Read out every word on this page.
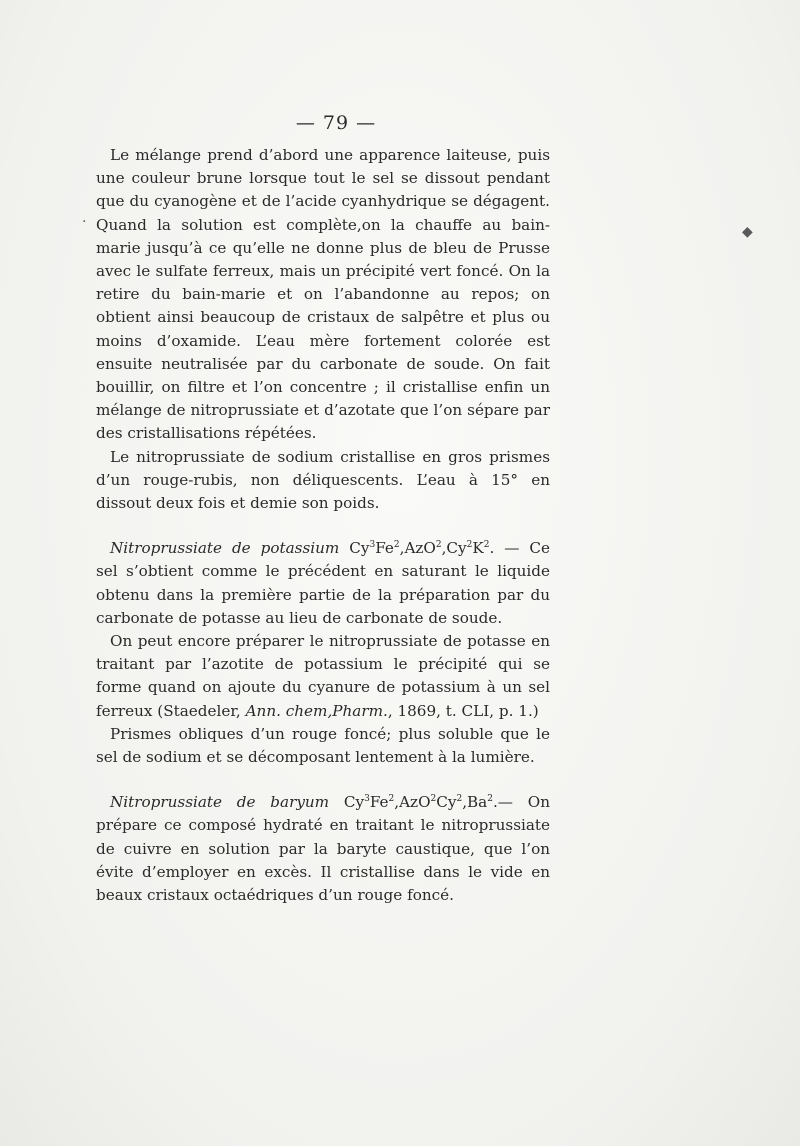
— 79 —
·
◆

Le mélange prend d’abord une apparence laiteuse, puis une couleur brune lorsque tout le sel se dissout pendant que du cyanogène et de l’acide cyanhydrique se dégagent. Quand la solution est complète,on la chauffe au bain-marie jusqu’à ce qu’elle ne donne plus de bleu de Prusse avec le sulfate ferreux, mais un précipité vert foncé. On la retire du bain-marie et on l’abandonne au repos; on obtient ainsi beaucoup de cristaux de salpêtre et plus ou moins d’oxamide. L’eau mère fortement colorée est ensuite neutralisée par du carbonate de soude. On fait bouillir, on filtre et l’on concentre ; il cristallise enfin un mélange de nitroprussiate et d’azotate que l’on sépare par des cristallisations répétées.

Le nitroprussiate de sodium cristallise en gros prismes d’un rouge-rubis, non déliquescents. L’eau à 15° en dissout deux fois et demie son poids.

Nitroprussiate de potassium $Cy^3Fe^2,AzO^2,Cy^2K^2$. — Ce sel s’obtient comme le précédent en saturant le liquide obtenu dans la première partie de la préparation par du carbonate de potasse au lieu de carbonate de soude.

On peut encore préparer le nitroprussiate de potasse en traitant par l’azotite de potassium le précipité qui se forme quand on ajoute du cyanure de potassium à un sel ferreux (Staedeler, Ann. chem,Pharm., 1869, t. CLI, p. 1.)

Prismes obliques d’un rouge foncé; plus soluble que le sel de sodium et se décomposant lentement à la lumière.

Nitroprussiate de baryum Cy$^3$Fe$^2$,AzO$^2$Cy$^2$,Ba$^2$.— On prépare ce composé hydraté en traitant le nitroprussiate de cuivre en solution par la baryte caustique, que l’on évite d’employer en excès. Il cristallise dans le vide en beaux cristaux octaédriques d’un rouge foncé.
